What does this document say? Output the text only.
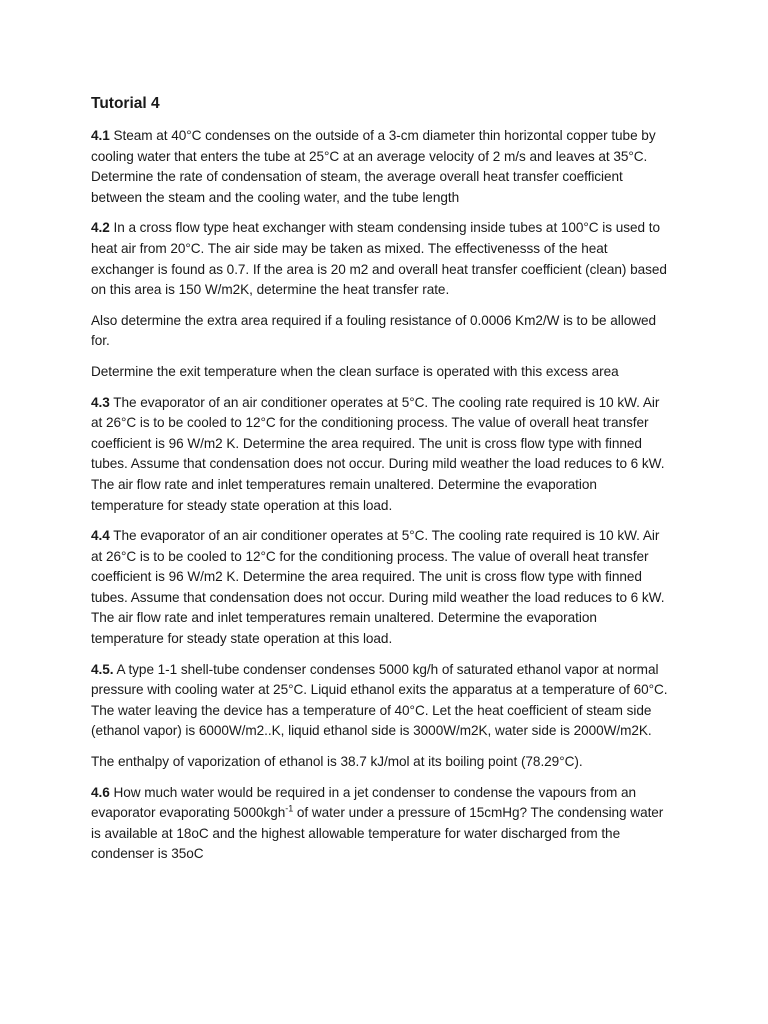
Tutorial 4

4.1 Steam at 40°C condenses on the outside of a 3-cm diameter thin horizontal copper tube by cooling water that enters the tube at 25°C at an average velocity of 2 m/s and leaves at 35°C. Determine the rate of condensation of steam, the average overall heat transfer coefficient between the steam and the cooling water, and the tube length

4.2 In a cross flow type heat exchanger with steam condensing inside tubes at 100°C is used to heat air from 20°C. The air side may be taken as mixed. The effectivenesss of the heat exchanger is found as 0.7. If the area is 20 m2 and overall heat transfer coefficient (clean) based on this area is 150 W/m2K, determine the heat transfer rate.

Also determine the extra area required if a fouling resistance of 0.0006 Km2/W is to be allowed for.

Determine the exit temperature when the clean surface is operated with this excess area

4.3 The evaporator of an air conditioner operates at 5°C. The cooling rate required is 10 kW. Air at 26°C is to be cooled to 12°C for the conditioning process. The value of overall heat transfer coefficient is 96 W/m2 K. Determine the area required. The unit is cross flow type with finned tubes. Assume that condensation does not occur. During mild weather the load reduces to 6 kW. The air flow rate and inlet temperatures remain unaltered. Determine the evaporation temperature for steady state operation at this load.

4.4 The evaporator of an air conditioner operates at 5°C. The cooling rate required is 10 kW. Air at 26°C is to be cooled to 12°C for the conditioning process. The value of overall heat transfer coefficient is 96 W/m2 K. Determine the area required. The unit is cross flow type with finned tubes. Assume that condensation does not occur. During mild weather the load reduces to 6 kW. The air flow rate and inlet temperatures remain unaltered. Determine the evaporation temperature for steady state operation at this load.

4.5. A type 1-1 shell-tube condenser condenses 5000 kg/h of saturated ethanol vapor at normal pressure with cooling water at 25°C. Liquid ethanol exits the apparatus at a temperature of 60°C. The water leaving the device has a temperature of 40°C. Let the heat coefficient of steam side (ethanol vapor) is 6000W/m2..K, liquid ethanol side is 3000W/m2K, water side is 2000W/m2K.

The enthalpy of vaporization of ethanol is 38.7 kJ/mol at its boiling point (78.29°C).

4.6 How much water would be required in a jet condenser to condense the vapours from an evaporator evaporating 5000kgh$^{-1}$ of water under a pressure of 15cmHg? The condensing water is available at 18oC and the highest allowable temperature for water discharged from the condenser is 35oC
